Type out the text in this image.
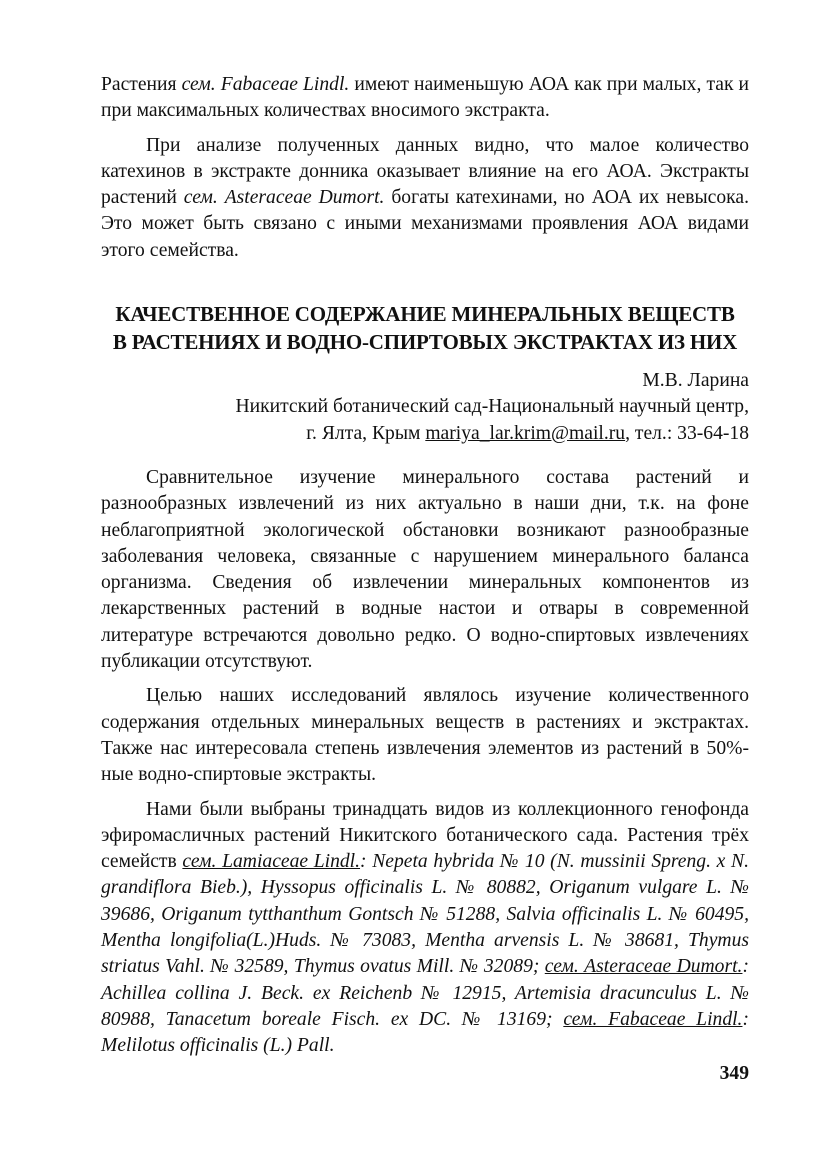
Растения сем. Fabaceae Lindl. имеют наименьшую АОА как при малых, так и при максимальных количествах вносимого экстракта.

При анализе полученных данных видно, что малое количество катехинов в экстракте донника оказывает влияние на его АОА. Экстракты растений сем. Asteraceae Dumort. богаты катехинами, но АОА их невысока. Это может быть связано с иными механизмами проявления АОА видами этого семейства.

КАЧЕСТВЕННОЕ СОДЕРЖАНИЕ МИНЕРАЛЬНЫХ ВЕЩЕСТВ
В РАСТЕНИЯХ И ВОДНО-СПИРТОВЫХ ЭКСТРАКТАХ ИЗ НИХ
М.В. Ларина
Никитский ботанический сад-Национальный научный центр,
г. Ялта, Крым mariya_lar.krim@mail.ru, тел.: 33-64-18

Сравнительное изучение минерального состава растений и разнообразных извлечений из них актуально в наши дни, т.к. на фоне неблагоприятной экологической обстановки возникают разнообразные заболевания человека, связанные с нарушением минерального баланса организма. Сведения об извлечении минеральных компонентов из лекарственных растений в водные настои и отвары в современной литературе встречаются довольно редко. О водно-спиртовых извлечениях публикации отсутствуют.

Целью наших исследований являлось изучение количественного содержания отдельных минеральных веществ в растениях и экстрактах. Также нас интересовала степень извлечения элементов из растений в 50%-ные водно-спиртовые экстракты.

Нами были выбраны тринадцать видов из коллекционного генофонда эфиромасличных растений Никитского ботанического сада. Растения трёх семейств сем. Lamiaceae Lindl.: Nepeta hybrida № 10 (N. mussinii Spreng. x N. grandiflora Bieb.), Hyssopus officinalis L. № 80882, Origanum vulgare L. № 39686, Origanum tytthanthum Gontsch № 51288, Salvia officinalis L. № 60495, Mentha longifolia(L.)Huds. № 73083, Mentha arvensis L. № 38681, Thymus striatus Vahl. № 32589, Thymus ovatus Mill. № 32089; сем. Asteraceae Dumort.: Achillea collina J. Beck. ex Reichenb № 12915, Artemisia dracunculus L. № 80988, Tanacetum boreale Fisch. ex DC. № 13169; сем. Fabaceae Lindl.: Melilotus officinalis (L.) Pall.

349
